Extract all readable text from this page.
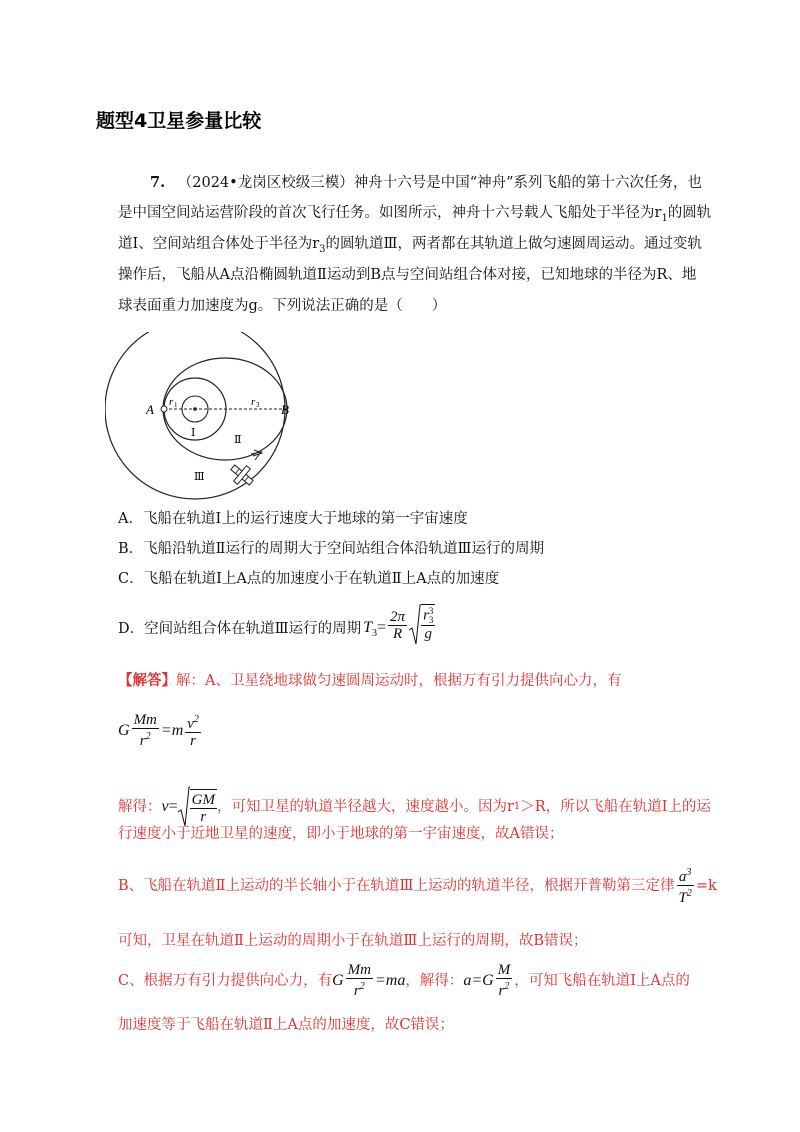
题型4卫星参量比较
7. （2024•龙岗区校级三模）神舟十六号是中国“神舟”系列飞船的第十六次任务，也
是中国空间站运营阶段的首次飞行任务。如图所示，神舟十六号载人飞船处于半径为$r_1$的圆轨
道Ⅰ、空间站组合体处于半径为$r_3$的圆轨道Ⅲ，两者都在其轨道上做匀速圆周运动。通过变轨
操作后，飞船从A点沿椭圆轨道Ⅱ运动到B点与空间站组合体对接，已知地球的半径为R、地
球表面重力加速度为g。下列说法正确的是（　　）
A	B
r 1	r 3
Ⅰ
Ⅱ
Ⅲ
A．飞船在轨道Ⅰ上的运行速度大于地球的第一宇宙速度
B．飞船沿轨道Ⅱ运行的周期大于空间站组合体沿轨道Ⅲ运行的周期
C．飞船在轨道Ⅰ上A点的加速度小于在轨道Ⅱ上A点的加速度
D．空间站组合体在轨道Ⅲ运行的周期 $T_3= \frac{2\pi}{R}$ r 3
3
g
【解答】解：A、卫星绕地球做匀速圆周运动时，根据万有引力提供向心力，有
G $\frac{Mm}{r^2} =m \frac{v^2}{r}$
解得： $v = \frac{GM}{r}$ ，可知卫星的轨道半径越大，速度越小。因为r 1 ＞R，所以飞船在轨道Ⅰ上的运
行速度小于近地卫星的速度，即小于地球的第一宇宙速度，故A错误；
B、飞船在轨道Ⅱ上运动的半长轴小于在轨道Ⅲ上运动的轨道半径，根据开普勒第三定律 $\frac{a^3}{T^2} =k$
可知，卫星在轨道Ⅱ上运动的周期小于在轨道Ⅲ上运行的周期，故B错误；
C、根据万有引力提供向心力，有 G $\frac{Mm}{r^2} =ma$ ，解得： $a =G \frac{M}{r^2}$ ，可知飞船在轨道Ⅰ上A点的
加速度等于飞船在轨道Ⅱ上A点的加速度，故C错误；
